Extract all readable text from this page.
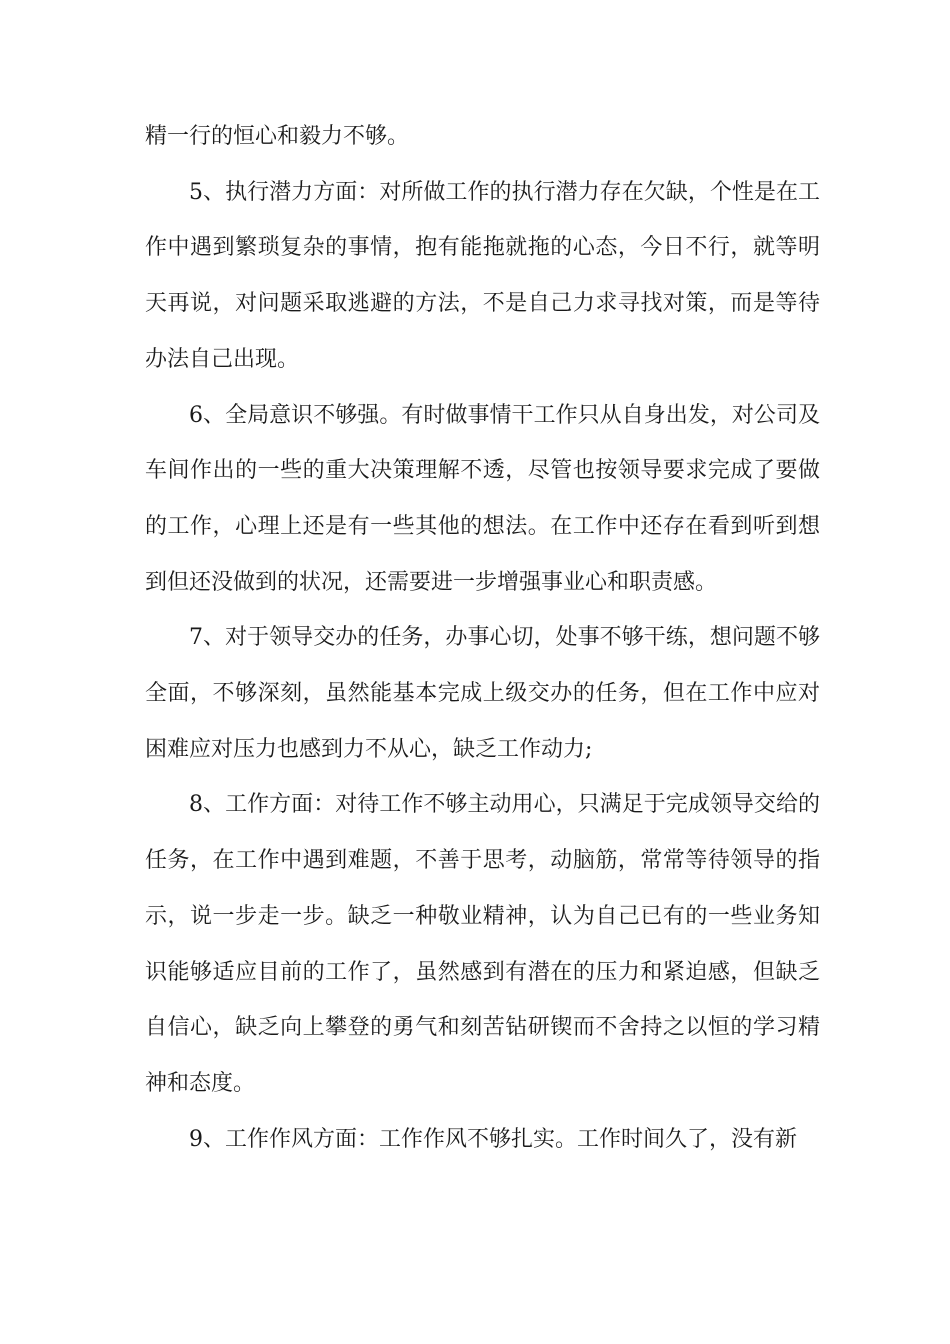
精一行的恒心和毅力不够。

5、执行潜力方面：对所做工作的执行潜力存在欠缺，个性是在工作中遇到繁琐复杂的事情，抱有能拖就拖的心态，今日不行，就等明天再说，对问题采取逃避的方法，不是自己力求寻找对策，而是等待办法自己出现。

6、全局意识不够强。有时做事情干工作只从自身出发，对公司及车间作出的一些的重大决策理解不透，尽管也按领导要求完成了要做的工作，心理上还是有一些其他的想法。在工作中还存在看到听到想到但还没做到的状况，还需要进一步增强事业心和职责感。

7、对于领导交办的任务，办事心切，处事不够干练，想问题不够全面，不够深刻，虽然能基本完成上级交办的任务，但在工作中应对困难应对压力也感到力不从心，缺乏工作动力;

8、工作方面：对待工作不够主动用心，只满足于完成领导交给的任务，在工作中遇到难题，不善于思考，动脑筋，常常等待领导的指示，说一步走一步。缺乏一种敬业精神，认为自己已有的一些业务知识能够适应目前的工作了，虽然感到有潜在的压力和紧迫感，但缺乏自信心，缺乏向上攀登的勇气和刻苦钻研锲而不舍持之以恒的学习精神和态度。

9、工作作风方面：工作作风不够扎实。工作时间久了，没有新
